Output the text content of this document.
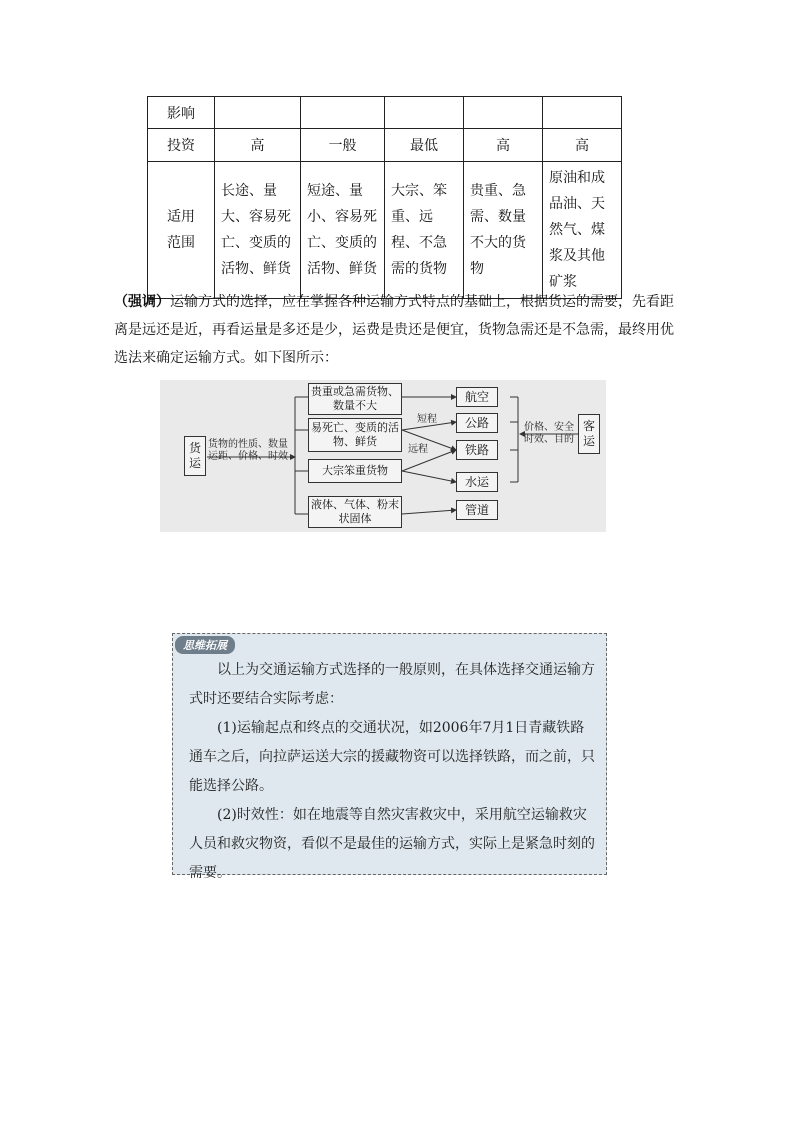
影响					
投资	高	一般	最低	高	高
适用范围	长途、量大、容易死亡、变质的活物、鲜货	短途、量小、容易死亡、变质的活物、鲜货	大宗、笨重、远程、不急需的货物	贵重、急需、数量不大的货物	原油和成品油、天然气、煤浆及其他矿浆
（强调）运输方式的选择，应在掌握各种运输方式特点的基础上，根据货运的需要，先看距离是远还是近，再看运量是多还是少，运费是贵还是便宜，货物急需还是不急需，最终用优选法来确定运输方式。如下图所示：
货运
货物的性质、数量运距、价格、时效
贵重或急需货物、数量不大
易死亡、变质的活物、鲜货
大宗笨重货物
液体、气体、粉末状固体
短程
远程
航空
公路
铁路
水运
管道
价格、安全时效、目的
客运
思维拓展

以上为交通运输方式选择的一般原则，在具体选择交通运输方式时还要结合实际考虑：

(1)运输起点和终点的交通状况，如2006年7月1日青藏铁路通车之后，向拉萨运送大宗的援藏物资可以选择铁路，而之前，只能选择公路。

(2)时效性：如在地震等自然灾害救灾中，采用航空运输救灾人员和救灾物资，看似不是最佳的运输方式，实际上是紧急时刻的需要。
